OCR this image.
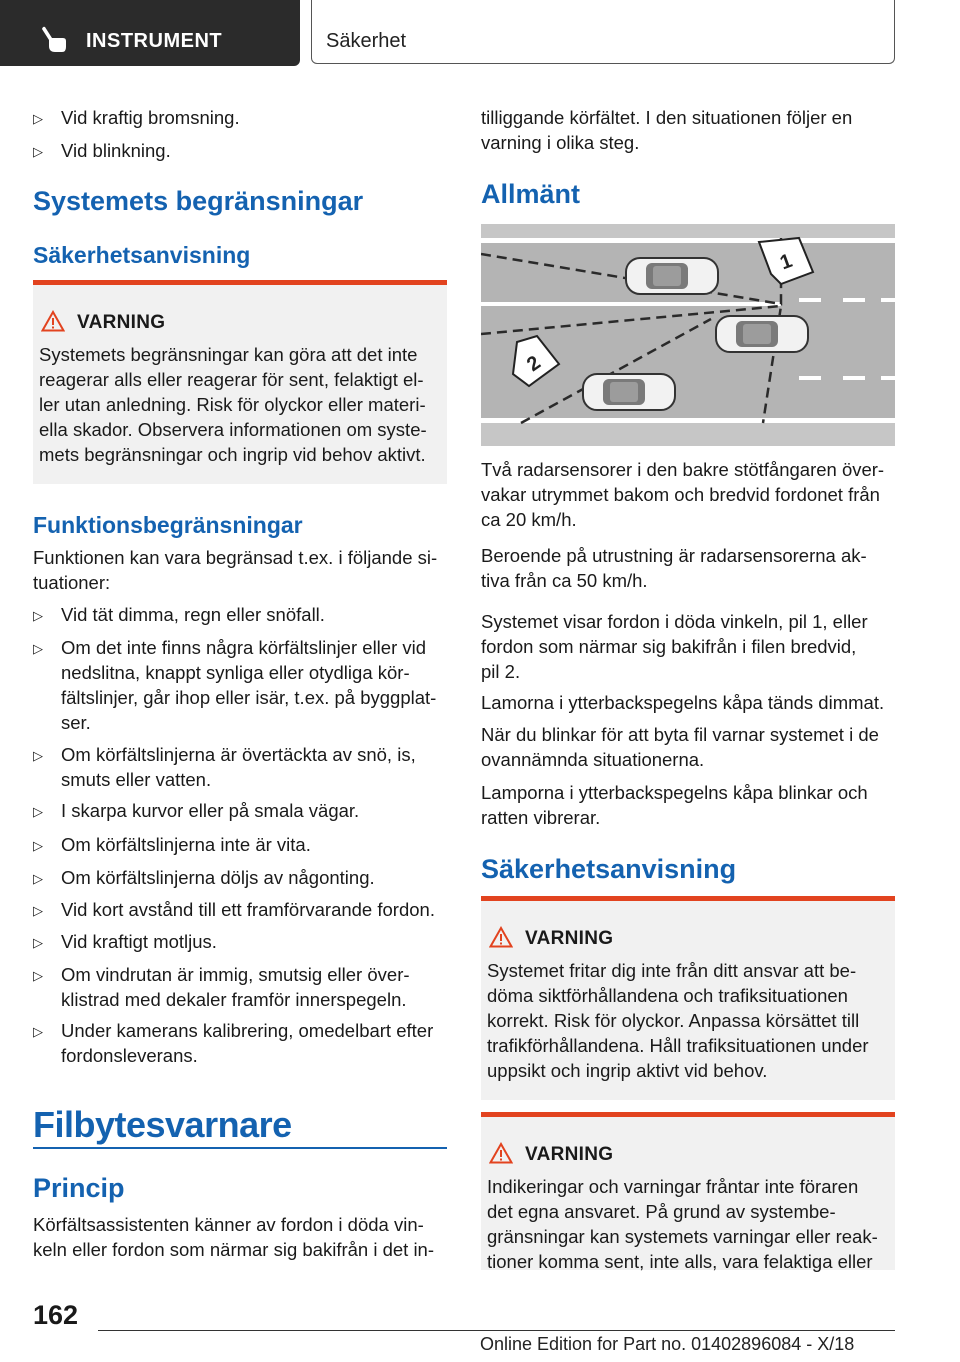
INSTRUMENT	Säkerhet
▷ Vid kraftig bromsning.
▷ Vid blinkning.
Systemets begränsningar
Säkerhetsanvisning
VARNING
Systemets begränsningar kan göra att det inte
reagerar alls eller reagerar för sent, felaktigt el-
ler utan anledning. Risk för olyckor eller materi-
ella skador. Observera informationen om syste-
mets begränsningar och ingrip vid behov aktivt.
Funktionsbegränsningar
Funktionen kan vara begränsad t.ex. i följande si-
tuationer:
▷ Vid tät dimma, regn eller snöfall.
▷ Om det inte finns några körfältslinjer eller vid
nedslitna, knappt synliga eller otydliga kör-
fältslinjer, går ihop eller isär, t.ex. på byggplat-
ser.
▷ Om körfältslinjerna är övertäckta av snö, is,
smuts eller vatten.
▷ I skarpa kurvor eller på smala vägar.
▷ Om körfältslinjerna inte är vita.
▷ Om körfältslinjerna döljs av någonting.
▷ Vid kort avstånd till ett framförvarande fordon.
▷ Vid kraftigt motljus.
▷ Om vindrutan är immig, smutsig eller över-
klistrad med dekaler framför innerspegeln.
▷ Under kamerans kalibrering, omedelbart efter
fordonsleverans.
Filbytesvarnare
Princip
Körfältsassistenten känner av fordon i döda vin-
keln eller fordon som närmar sig bakifrån i det in-
tilliggande körfältet. I den situationen följer en
varning i olika steg.
Allmänt
Två radarsensorer i den bakre stötfångaren över-
vakar utrymmet bakom och bredvid fordonet från
ca 20 km/h.
Beroende på utrustning är radarsensorerna ak-
tiva från ca 50 km/h.
Systemet visar fordon i döda vinkeln, pil 1, eller
fordon som närmar sig bakifrån i filen bredvid,
pil 2.
Lamorna i ytterbackspegelns kåpa tänds dimmat.
När du blinkar för att byta fil varnar systemet i de
ovannämnda situationerna.
Lamporna i ytterbackspegelns kåpa blinkar och
ratten vibrerar.
Säkerhetsanvisning
VARNING
Systemet fritar dig inte från ditt ansvar att be-
döma siktförhållandena och trafiksituationen
korrekt. Risk för olyckor. Anpassa körsättet till
trafikförhållandena. Håll trafiksituationen under
uppsikt och ingrip aktivt vid behov.
VARNING
Indikeringar och varningar fråntar inte föraren
det egna ansvaret. På grund av systembe-
gränsningar kan systemets varningar eller reak-
tioner komma sent, inte alls, vara felaktiga eller
1
2
162
Online Edition for Part no. 01402896084 - X/18
